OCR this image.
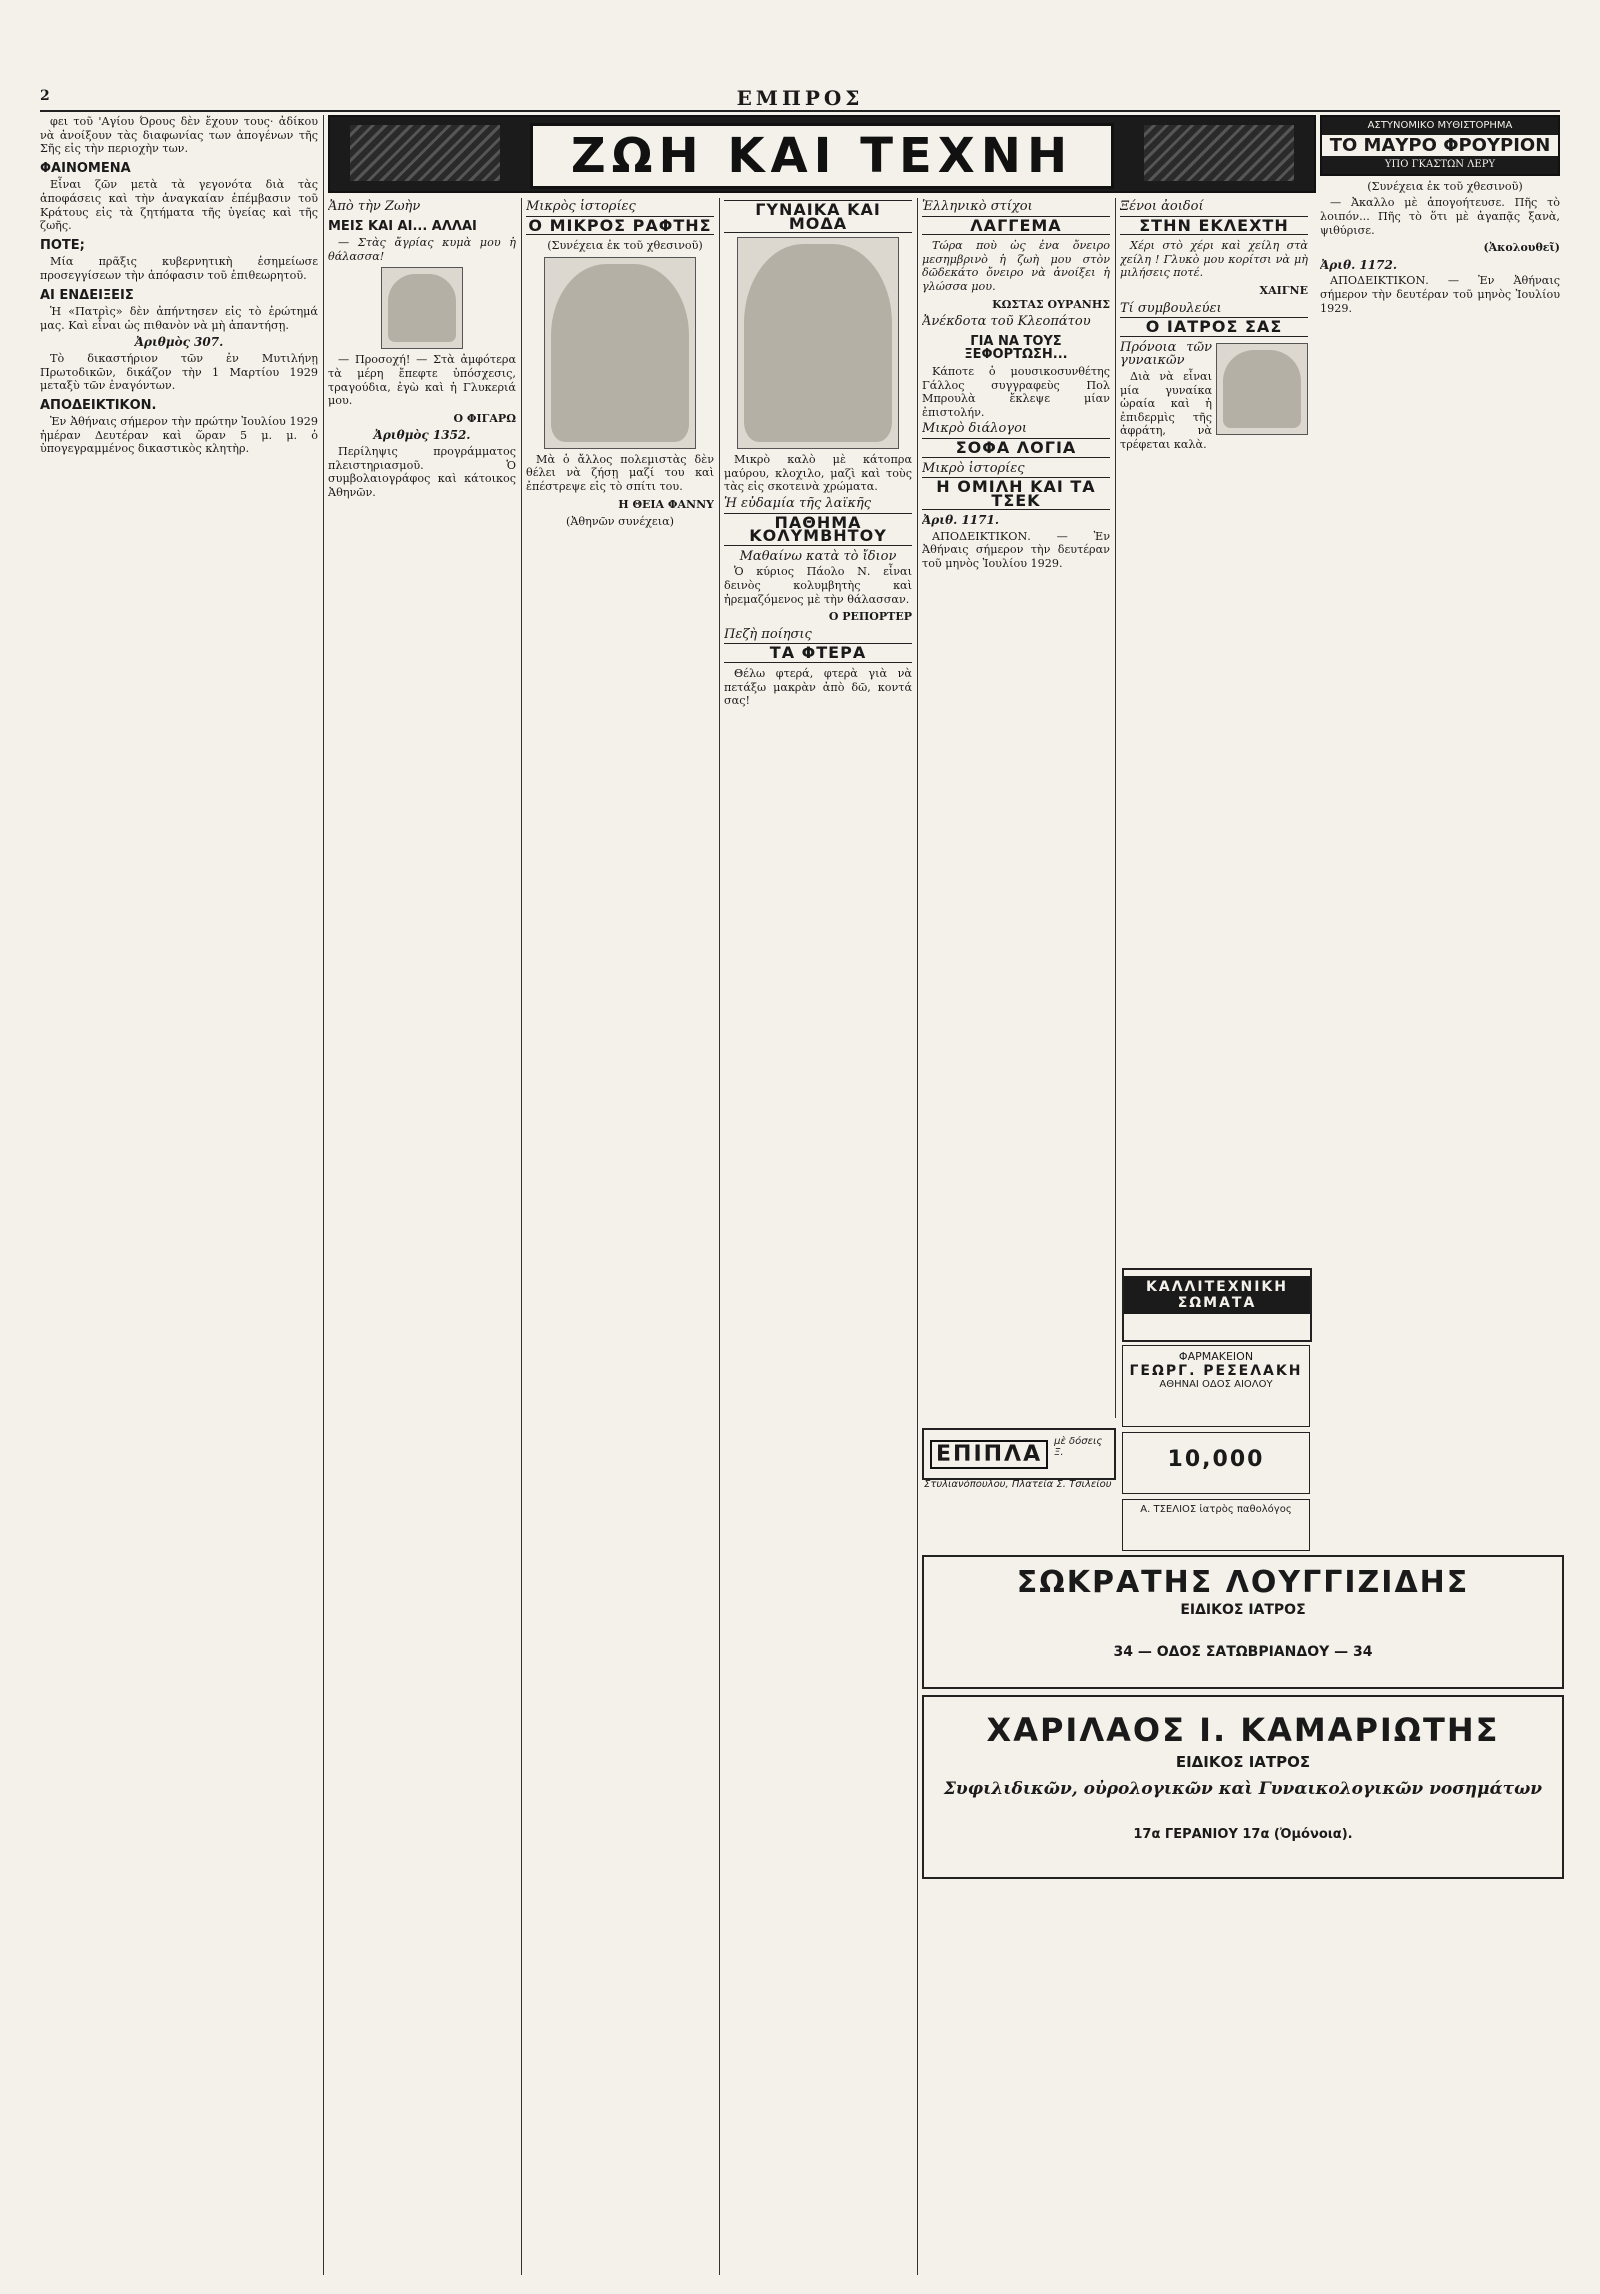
2	ΕΜΠΡΟΣ

φει τοῦ 'Αγίου Όρους δὲν ἔχουν τους· ἀδίκου νὰ ἀνοίξουν τὰς διαφωνίας των ἀπογένων τῆς Σῆς εἰς τὴν περιοχὴν των.

ΦΑΙΝΟΜΕΝΑ

Εἶναι ζῶν μετὰ τὰ γεγονότα διὰ τὰς ἀποφάσεις καὶ τὴν ἀναγκαίαν ἐπέμβασιν τοῦ Κράτους εἰς τὰ ζητήματα τῆς ὑγείας καὶ τῆς ζωῆς.

ΠΟΤΕ;

Μία πρᾶξις κυβερνητικὴ ἐσημείωσε προσεγγίσεων τὴν ἀπόφασιν τοῦ ἐπιθεωρητοῦ.

ΑΙ ΕΝΔΕΙΞΕΙΣ

Ἡ «Πατρὶς» δὲν ἀπήντησεν εἰς τὸ ἐρώτημά μας. Καὶ εἶναι ὡς πιθανὸν νὰ μὴ ἀπαντήσῃ.

Ἀριθμὸς 307.

Τὸ δικαστήριον τῶν ἐν Μυτιλήνῃ Πρωτοδικῶν, δικάζον τὴν 1 Μαρτίου 1929 μεταξὺ τῶν ἐναγόντων.

ΑΠΟΔΕΙΚΤΙΚΟΝ.

Ἐν Ἀθήναις σήμερον τὴν πρώτην Ἰουλίου 1929 ἡμέραν Δευτέραν καὶ ὥραν 5 μ. μ. ὁ ὑπογεγραμμένος δικαστικὸς κλητὴρ.

ΖΩΗ ΚΑΙ ΤΕΧΝΗ
Ἀπὸ τὴν Ζωὴν
ΜΕΙΣ ΚΑΙ ΑΙ... ΑΛΛΑΙ

— Στὰς ἄγρίας κυμὰ μου ἡ θάλασσα!

— Προσοχή! — Στὰ ἀμφότερα τὰ μέρη ἔπεφτε ὑπόσχεσις, τραγούδια, ἐγὼ καὶ ἡ Γλυκεριά μου.

Ο ΦΙΓΑΡΩ
Ἀριθμὸς 1352.

Περίληψις προγράμματος πλειστηριασμοῦ. Ὁ συμβολαιογράφος καὶ κάτοικος Ἀθηνῶν.

Μικρὸς ἱστορίες
Ο ΜΙΚΡΟΣ ΡΑΦΤΗΣ

(Συνέχεια ἐκ τοῦ χθεσινοῦ)

Μὰ ὁ ἄλλος πολεμιστὰς δὲν θέλει νὰ ζήσῃ μαζί του καὶ ἐπέστρεψε εἰς τὸ σπίτι του.

Η ΘΕΙΑ ΦΑΝΝΥ
(Ἀθηνῶν συνέχεια)
ΓΥΝΑΙΚΑ ΚΑΙ ΜΟΔΑ

Μικρὸ καλὸ μὲ κάτοπρα μαύρου, κλοχιλο, μαζὶ καὶ τοὺς τὰς εἰς σκοτεινὰ χρώματα.

Ἡ εὐδαμία τῆς λαϊκῆς
ΠΑΘΗΜΑ ΚΟΛΥΜΒΗΤΟΥ
Μαθαίνω κατὰ τὸ ἴδιον

Ὁ κύριος Πάολο Ν. εἶναι δεινὸς κολυμβητὴς καὶ ἠρεμαζόμενος μὲ τὴν θάλασσαν.

Ο ΡΕΠΟΡΤΕΡ
Πεζὴ ποίησις
ΤΑ ΦΤΕΡΑ

Θέλω φτερά, φτερὰ γιὰ νὰ πετάξω μακρὰν ἀπὸ δῶ, κοντά σας!

Ἑλληνικὸ στίχοι
ΛΑΓΓΕΜΑ

Τώρα ποὺ ὡς ἐνα ὄνειρο μεσημβρινὸ ἡ ζωὴ μου στὸν δῶδεκάτο ὄνειρο νὰ ἀνοίξει ἡ γλώσσα μου.

ΚΩΣΤΑΣ ΟΥΡΑΝΗΣ
Ἀνέκδοτα τοῦ Κλεοπάτου
ΓΙΑ ΝΑ ΤΟΥΣ ΞΕΦΟΡΤΩΣΗ...

Κάποτε ὁ μουσικοσυνθέτης Γάλλος συγγραφεὺς Πολ Μπρουλὰ ἔκλεψε μίαν ἐπιστολήν.

Μικρὸ διάλογοι
ΣΟΦΑ ΛΟΓΙΑ
Μικρὸ ἱστορίες
Η ΟΜΙΛΗ ΚΑΙ ΤΑ ΤΣΕΚ
Ἀριθ. 1171.

ΑΠΟΔΕΙΚΤΙΚΟΝ. — Ἐν Ἀθήναις σήμερον τὴν δευτέραν τοῦ μηνὸς Ἰουλίου 1929.

Ξένοι ἀοιδοί
ΣΤΗΝ ΕΚΛΕΧΤΗ

Χέρι στὸ χέρι καὶ χείλη στὰ χείλη ! Γλυκὸ μου κορίτσι νὰ μὴ μιλήσεις ποτέ.

ΧΑΙΓΝΕ
Τί συμβουλεύει
Ο ΙΑΤΡΟΣ ΣΑΣ
Πρόνοια τῶν γυναικῶν

Διὰ νὰ εἶναι μία γυναίκα ὡραία καὶ ἡ ἐπιδερμὶς τῆς ἀφράτη, νὰ τρέφεται καλὰ.

ΑΣΤΥΝΟΜΙΚΟ ΜΥΘΙΣΤΟΡΗΜΑ
ΤΟ ΜΑΥΡΟ ΦΡΟΥΡΙΟΝ
ΥΠΟ ΓΚΑΣΤΩΝ ΛΕΡΥ

(Συνέχεια ἐκ τοῦ χθεσινοῦ)

— Ἀκαλλο μὲ ἀπογοήτευσε. Πῆς τὸ λοιπόν... Πῆς τὸ ὅτι μὲ ἀγαπᾷς ξανὰ, ψιθύρισε.

(Ἀκολουθεῖ)
Ἀριθ. 1172.

ΑΠΟΔΕΙΚΤΙΚΟΝ. — Ἐν Ἀθήναις σήμερον τὴν δευτέραν τοῦ μηνὸς Ἰουλίου 1929.

ΚΑΛΛΙΤΕΧΝΙΚΗ ΣΩΜΑΤΑ
ΦΑΡΜΑΚΕΙΟΝ
ΓΕΩΡΓ. ΡΕΣΕΛΑΚΗ
ΑΘΗΝΑΙ ΟΔΟΣ ΑΙΟΛΟΥ
10,000
Α. ΤΣΕΛΙΟΣ ἰατρὸς παθολόγος
ΕΠΙΠΛΑ
μὲ δόσεις Ξ. Στυλιανόπουλου, Πλατεία Σ. Τσιλείου
ΣΩΚΡΑΤΗΣ ΛΟΥΓΓΙΖΙΔΗΣ
ΕΙΔΙΚΟΣ ΙΑΤΡΟΣ
34 — ΟΔΟΣ ΣΑΤΩΒΡΙΑΝΔΟΥ — 34
ΧΑΡΙΛΑΟΣ Ι. ΚΑΜΑΡΙΩΤΗΣ
ΕΙΔΙΚΟΣ ΙΑΤΡΟΣ
Συφιλιδικῶν, οὐρολογικῶν καὶ Γυναικολογικῶν νοσημάτων
17α ΓΕΡΑΝΙΟΥ 17α (Ὀμόνοια).
